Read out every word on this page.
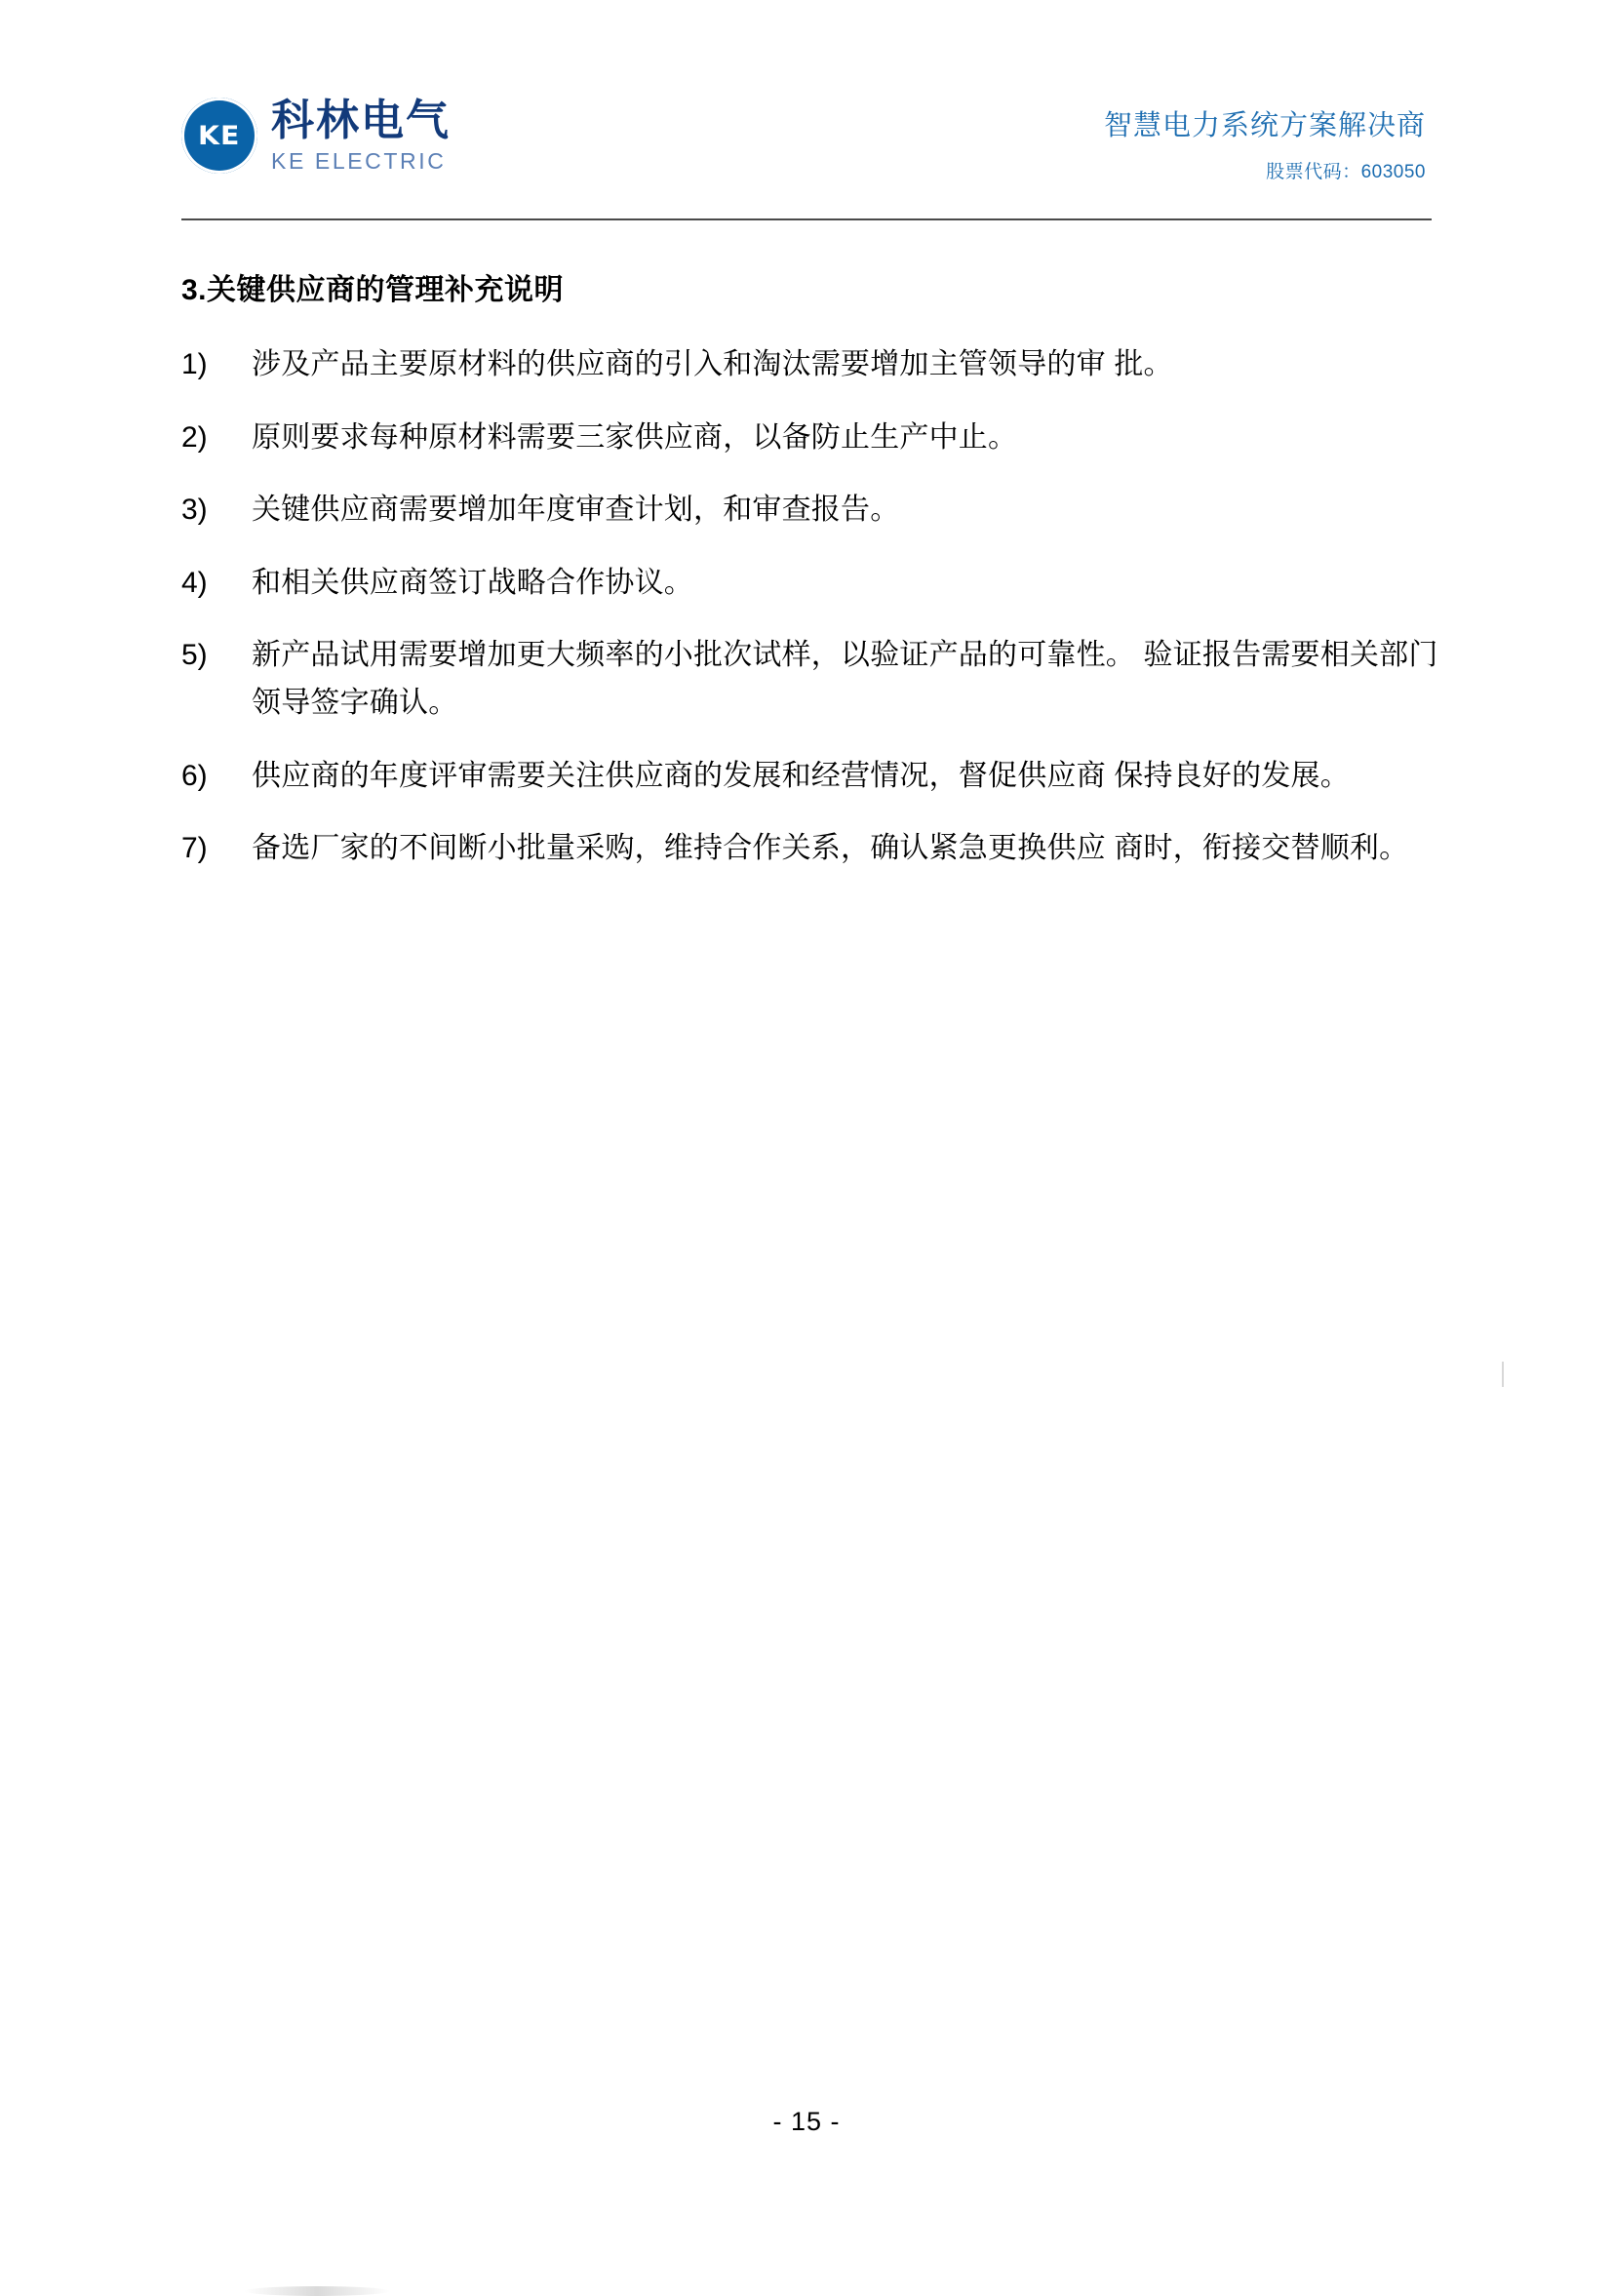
KE 科林电气
KE ELECTRIC
智慧电力系统方案解决商
股票代码：603050
3.关键供应商的管理补充说明
1)	涉及产品主要原材料的供应商的引入和淘汰需要增加主管领导的审 批。
2)	原则要求每种原材料需要三家供应商，以备防止生产中止。
3)	关键供应商需要增加年度审查计划，和审查报告。
4)	和相关供应商签订战略合作协议。
5)	新产品试用需要增加更大频率的小批次试样，以验证产品的可靠性。 验证报告需要相关部门领导签字确认。
6)	供应商的年度评审需要关注供应商的发展和经营情况，督促供应商 保持良好的发展。
7)	备选厂家的不间断小批量采购，维持合作关系，确认紧急更换供应 商时，衔接交替顺利。
- 15 -
